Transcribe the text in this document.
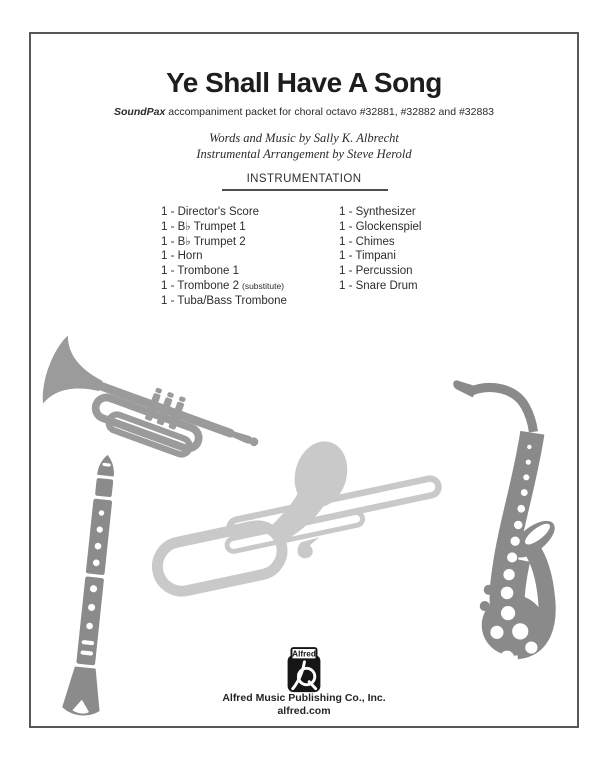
Ye Shall Have A Song
SoundPax accompaniment packet for choral octavo #32881, #32882 and #32883
Words and Music by Sally K. Albrecht
Instrumental Arrangement by Steve Herold
INSTRUMENTATION
1 - Director's Score
1 - B♭ Trumpet 1
1 - B♭ Trumpet 2
1 - Horn
1 - Trombone 1
1 - Trombone 2 (substitute)
1 - Tuba/Bass Trombone
1 - Synthesizer
1 - Glockenspiel
1 - Chimes
1 - Timpani
1 - Percussion
1 - Snare Drum
Alfred
Alfred Music Publishing Co., Inc.
alfred.com
